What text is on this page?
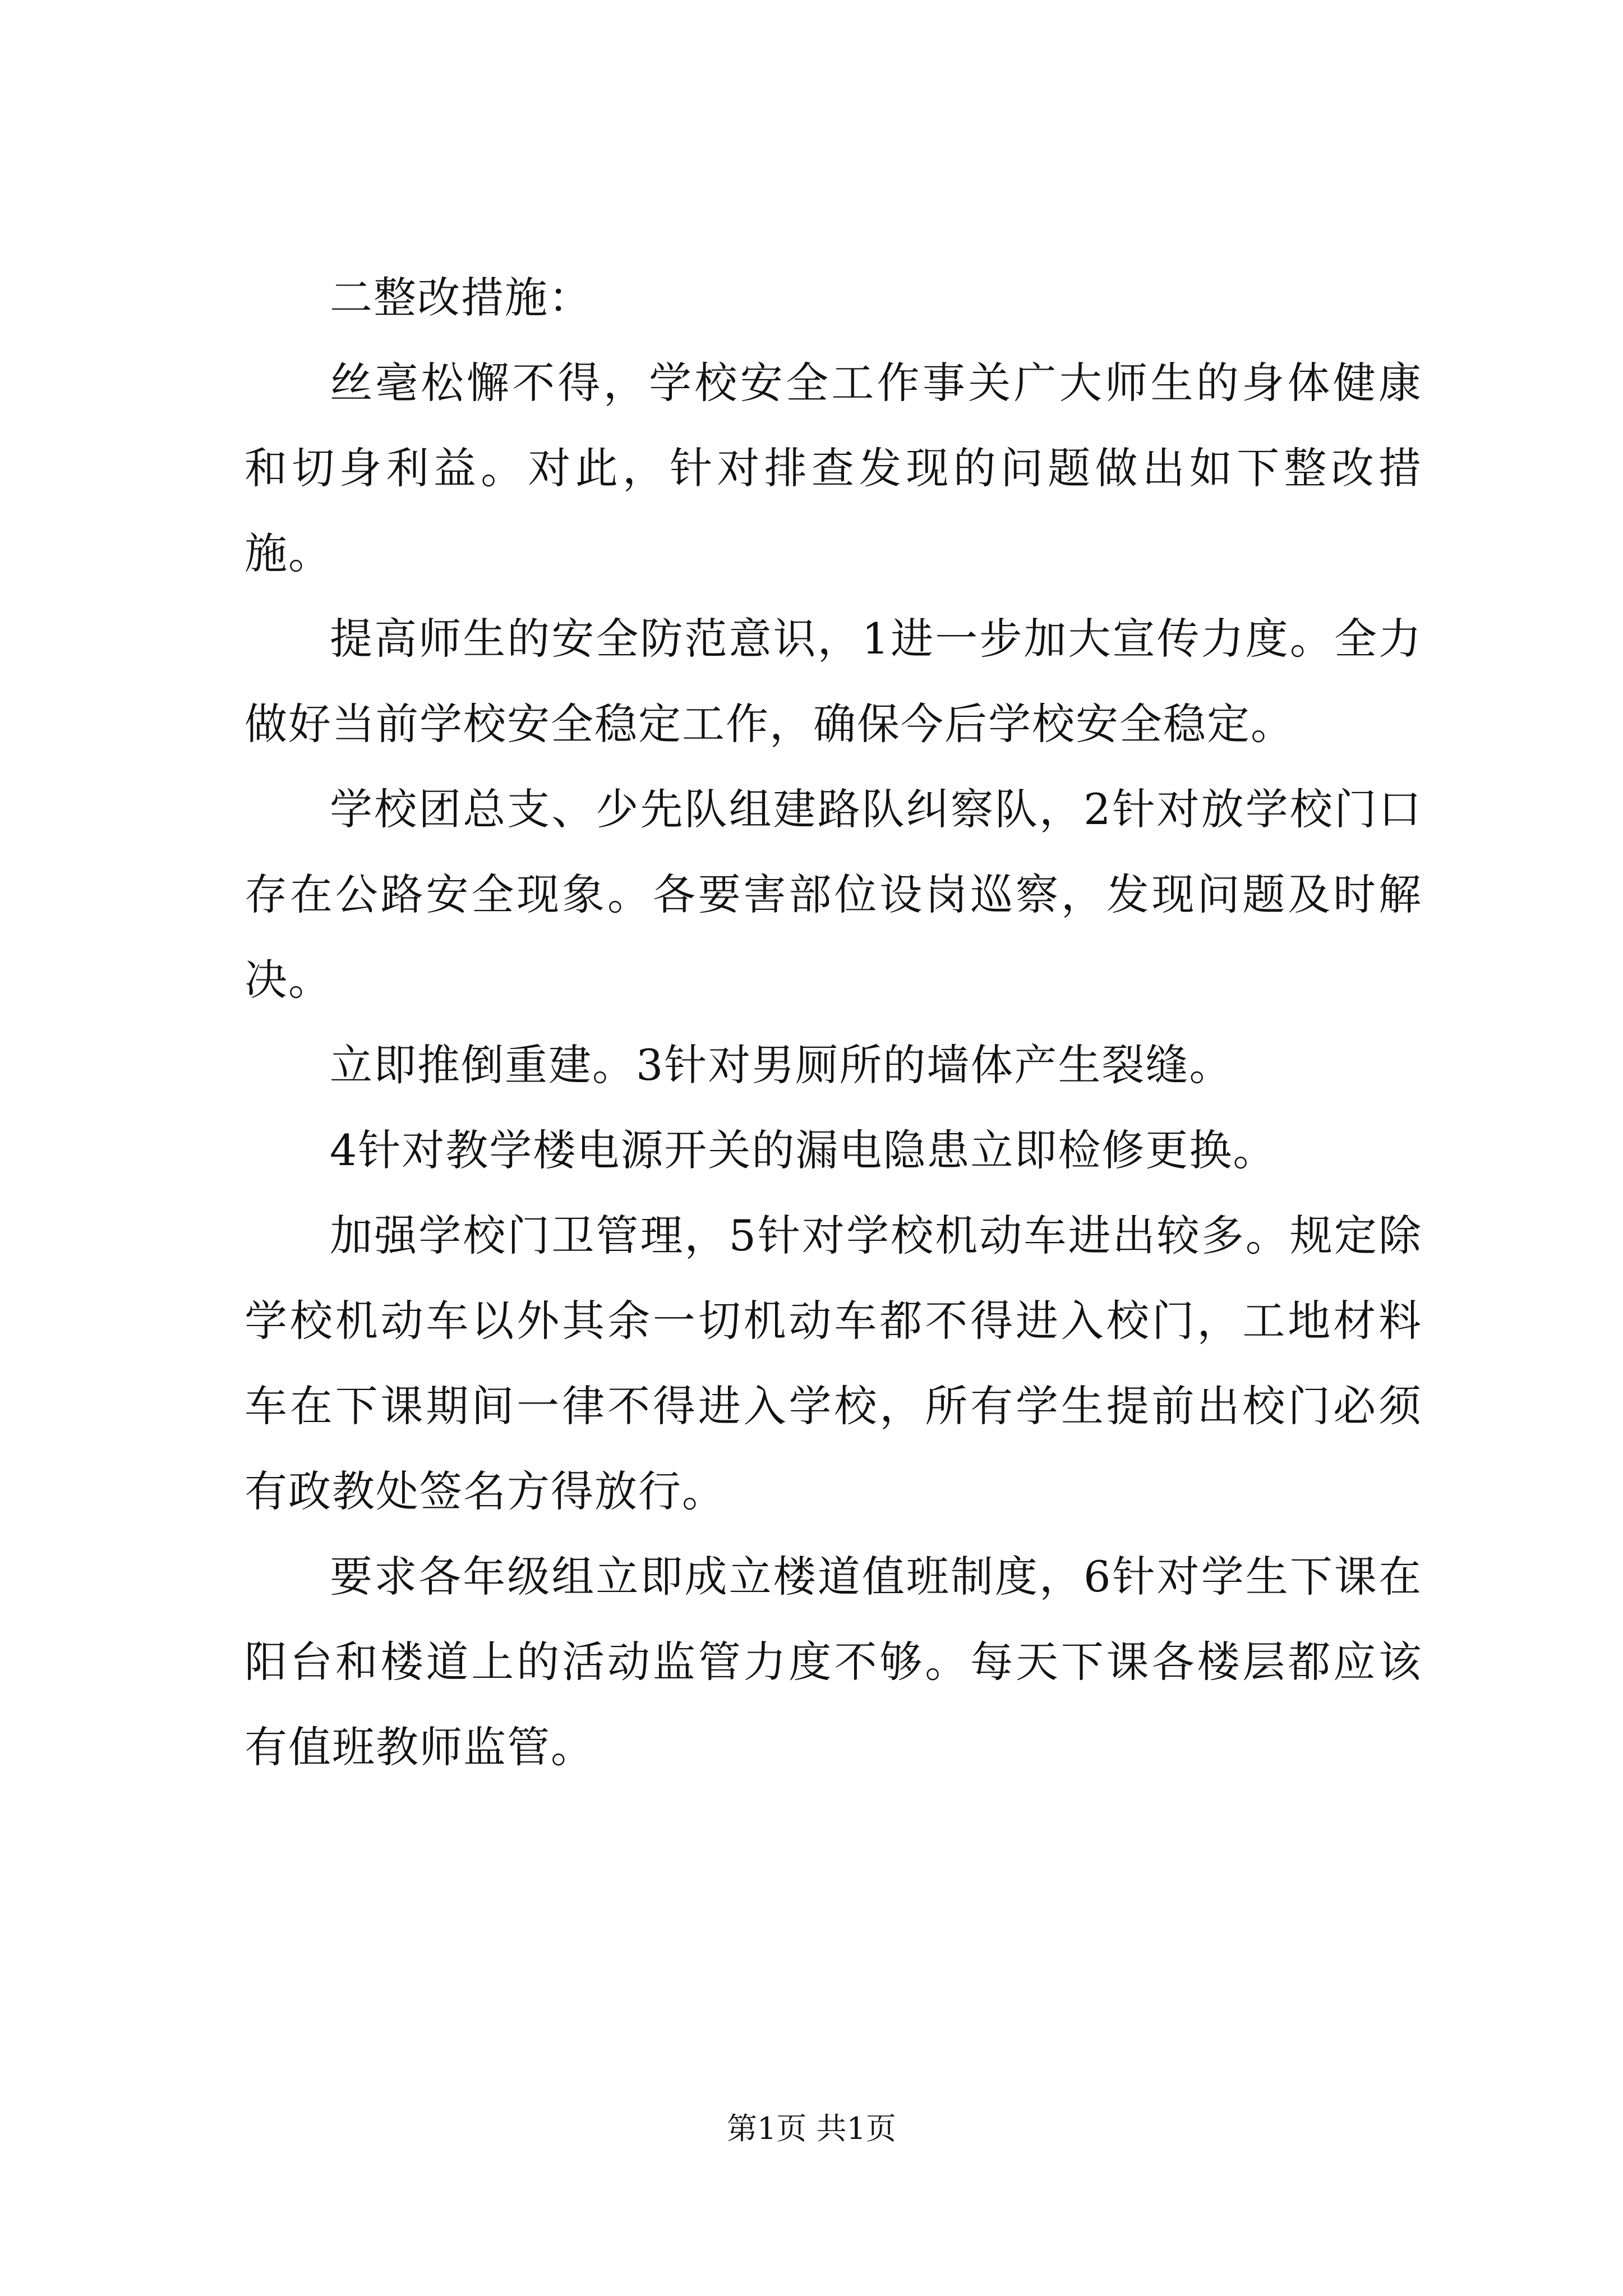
二整改措施：

丝毫松懈不得，学校安全工作事关广大师生的身体健康和切身利益。对此，针对排查发现的问题做出如下整改措施。

提高师生的安全防范意识，1进一步加大宣传力度。全力做好当前学校安全稳定工作，确保今后学校安全稳定。

学校团总支、少先队组建路队纠察队，2针对放学校门口存在公路安全现象。各要害部位设岗巡察，发现问题及时解决。

立即推倒重建。3针对男厕所的墙体产生裂缝。

4针对教学楼电源开关的漏电隐患立即检修更换。

加强学校门卫管理，5针对学校机动车进出较多。规定除学校机动车以外其余一切机动车都不得进入校门，工地材料车在下课期间一律不得进入学校，所有学生提前出校门必须有政教处签名方得放行。

要求各年级组立即成立楼道值班制度，6针对学生下课在阳台和楼道上的活动监管力度不够。每天下课各楼层都应该有值班教师监管。

第1页 共1页
